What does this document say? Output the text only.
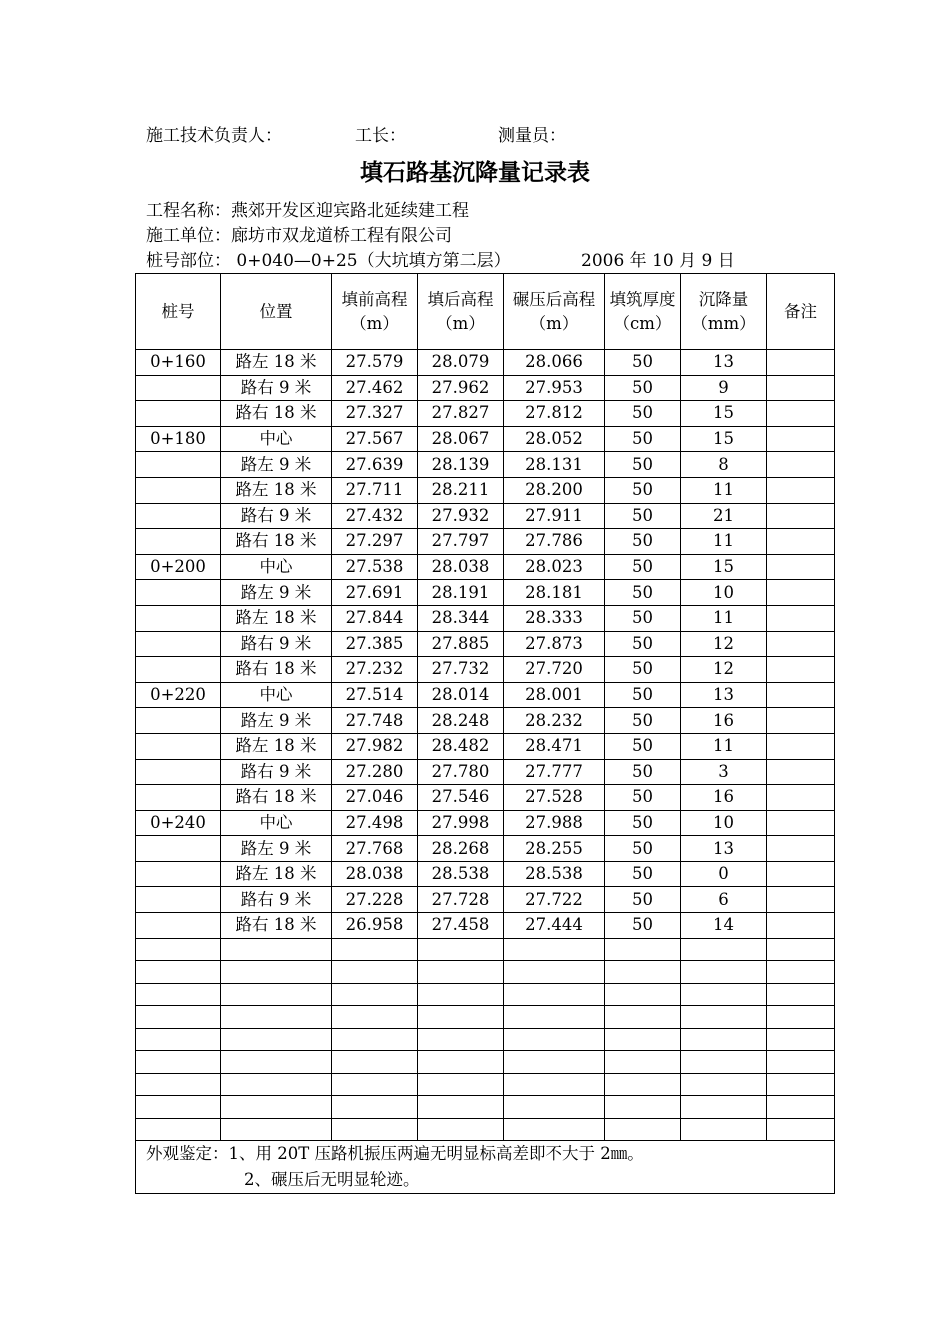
施工技术负责人：	工长：	测量员：
填石路基沉降量记录表
工程名称：燕郊开发区迎宾路北延续建工程
施工单位：廊坊市双龙道桥工程有限公司
桩号部位： 0+040—0+25（大坑填方第二层）	2006 年 10 月 9 日
桩号	位置	填前高程（m）	填后高程（m）	碾压后高程（m）	填筑厚度（cm）	沉降量（mm）	备注
0+160	路左 18 米	27.579	28.079	28.066	50	13	
	路右 9 米	27.462	27.962	27.953	50	9	
	路右 18 米	27.327	27.827	27.812	50	15	
0+180	中心	27.567	28.067	28.052	50	15	
	路左 9 米	27.639	28.139	28.131	50	8	
	路左 18 米	27.711	28.211	28.200	50	11	
	路右 9 米	27.432	27.932	27.911	50	21	
	路右 18 米	27.297	27.797	27.786	50	11	
0+200	中心	27.538	28.038	28.023	50	15	
	路左 9 米	27.691	28.191	28.181	50	10	
	路左 18 米	27.844	28.344	28.333	50	11	
	路右 9 米	27.385	27.885	27.873	50	12	
	路右 18 米	27.232	27.732	27.720	50	12	
0+220	中心	27.514	28.014	28.001	50	13	
	路左 9 米	27.748	28.248	28.232	50	16	
	路左 18 米	27.982	28.482	28.471	50	11	
	路右 9 米	27.280	27.780	27.777	50	3	
	路右 18 米	27.046	27.546	27.528	50	16	
0+240	中心	27.498	27.998	27.988	50	10	
	路左 9 米	27.768	28.268	28.255	50	13	
	路左 18 米	28.038	28.538	28.538	50	0	
	路右 9 米	27.228	27.728	27.722	50	6	
	路右 18 米	26.958	27.458	27.444	50	14	

外观鉴定：1、用 20T 压路机振压两遍无明显标高差即不大于 2㎜。
2、碾压后无明显轮迹。							
